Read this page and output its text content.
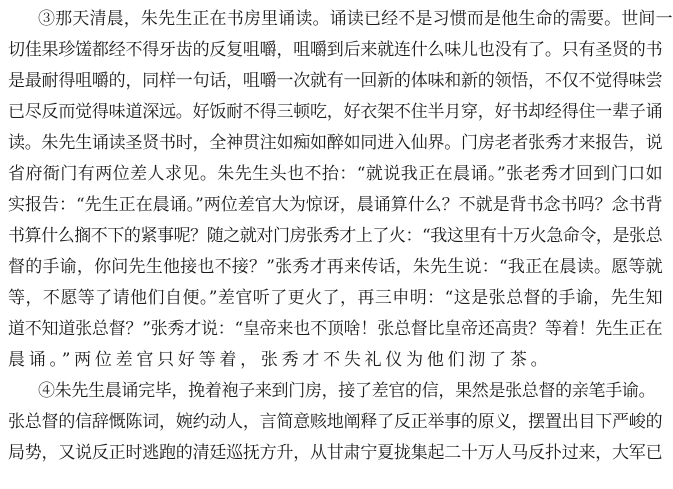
③那天清晨，朱先生正在书房里诵读。诵读已经不是习惯而是他生命的需要。世间一
切佳果珍馐都经不得牙齿的反复咀嚼，咀嚼到后来就连什么味儿也没有了。只有圣贤的书
是最耐得咀嚼的，同样一句话，咀嚼一次就有一回新的体味和新的领悟，不仅不觉得味尝
已尽反而觉得味道深远。好饭耐不得三顿吃，好衣架不住半月穿，好书却经得住一辈子诵
读。朱先生诵读圣贤书时，全神贯注如痴如醉如同进入仙界。门房老者张秀才来报告，说
省府衙门有两位差人求见。朱先生头也不抬：“就说我正在晨诵。”张老秀才回到门口如
实报告：“先生正在晨诵。”两位差官大为惊讶，晨诵算什么？不就是背书念书吗？念书背
书算什么搁不下的紧事呢？随之就对门房张秀才上了火：“我这里有十万火急命令，是张总
督的手谕，你问先生他接也不接？”张秀才再来传话，朱先生说：“我正在晨读。愿等就
等，不愿等了请他们自便。”差官听了更火了，再三申明：“这是张总督的手谕，先生知
道不知道张总督？”张秀才说：“皇帝来也不顶啥！张总督比皇帝还高贵？等着！先生正在
晨诵。”两位差官只好等着，张秀才不失礼仪为他们沏了茶。
④朱先生晨诵完毕，挽着袍子来到门房，接了差官的信，果然是张总督的亲笔手谕。
张总督的信辞慨陈词，婉约动人，言简意赅地阐释了反正举事的原义，摆置出目下严峻的
局势，又说反正时逃跑的清廷巡抚方升，从甘肃宁夏拢集起二十万人马反扑过来，大军已
